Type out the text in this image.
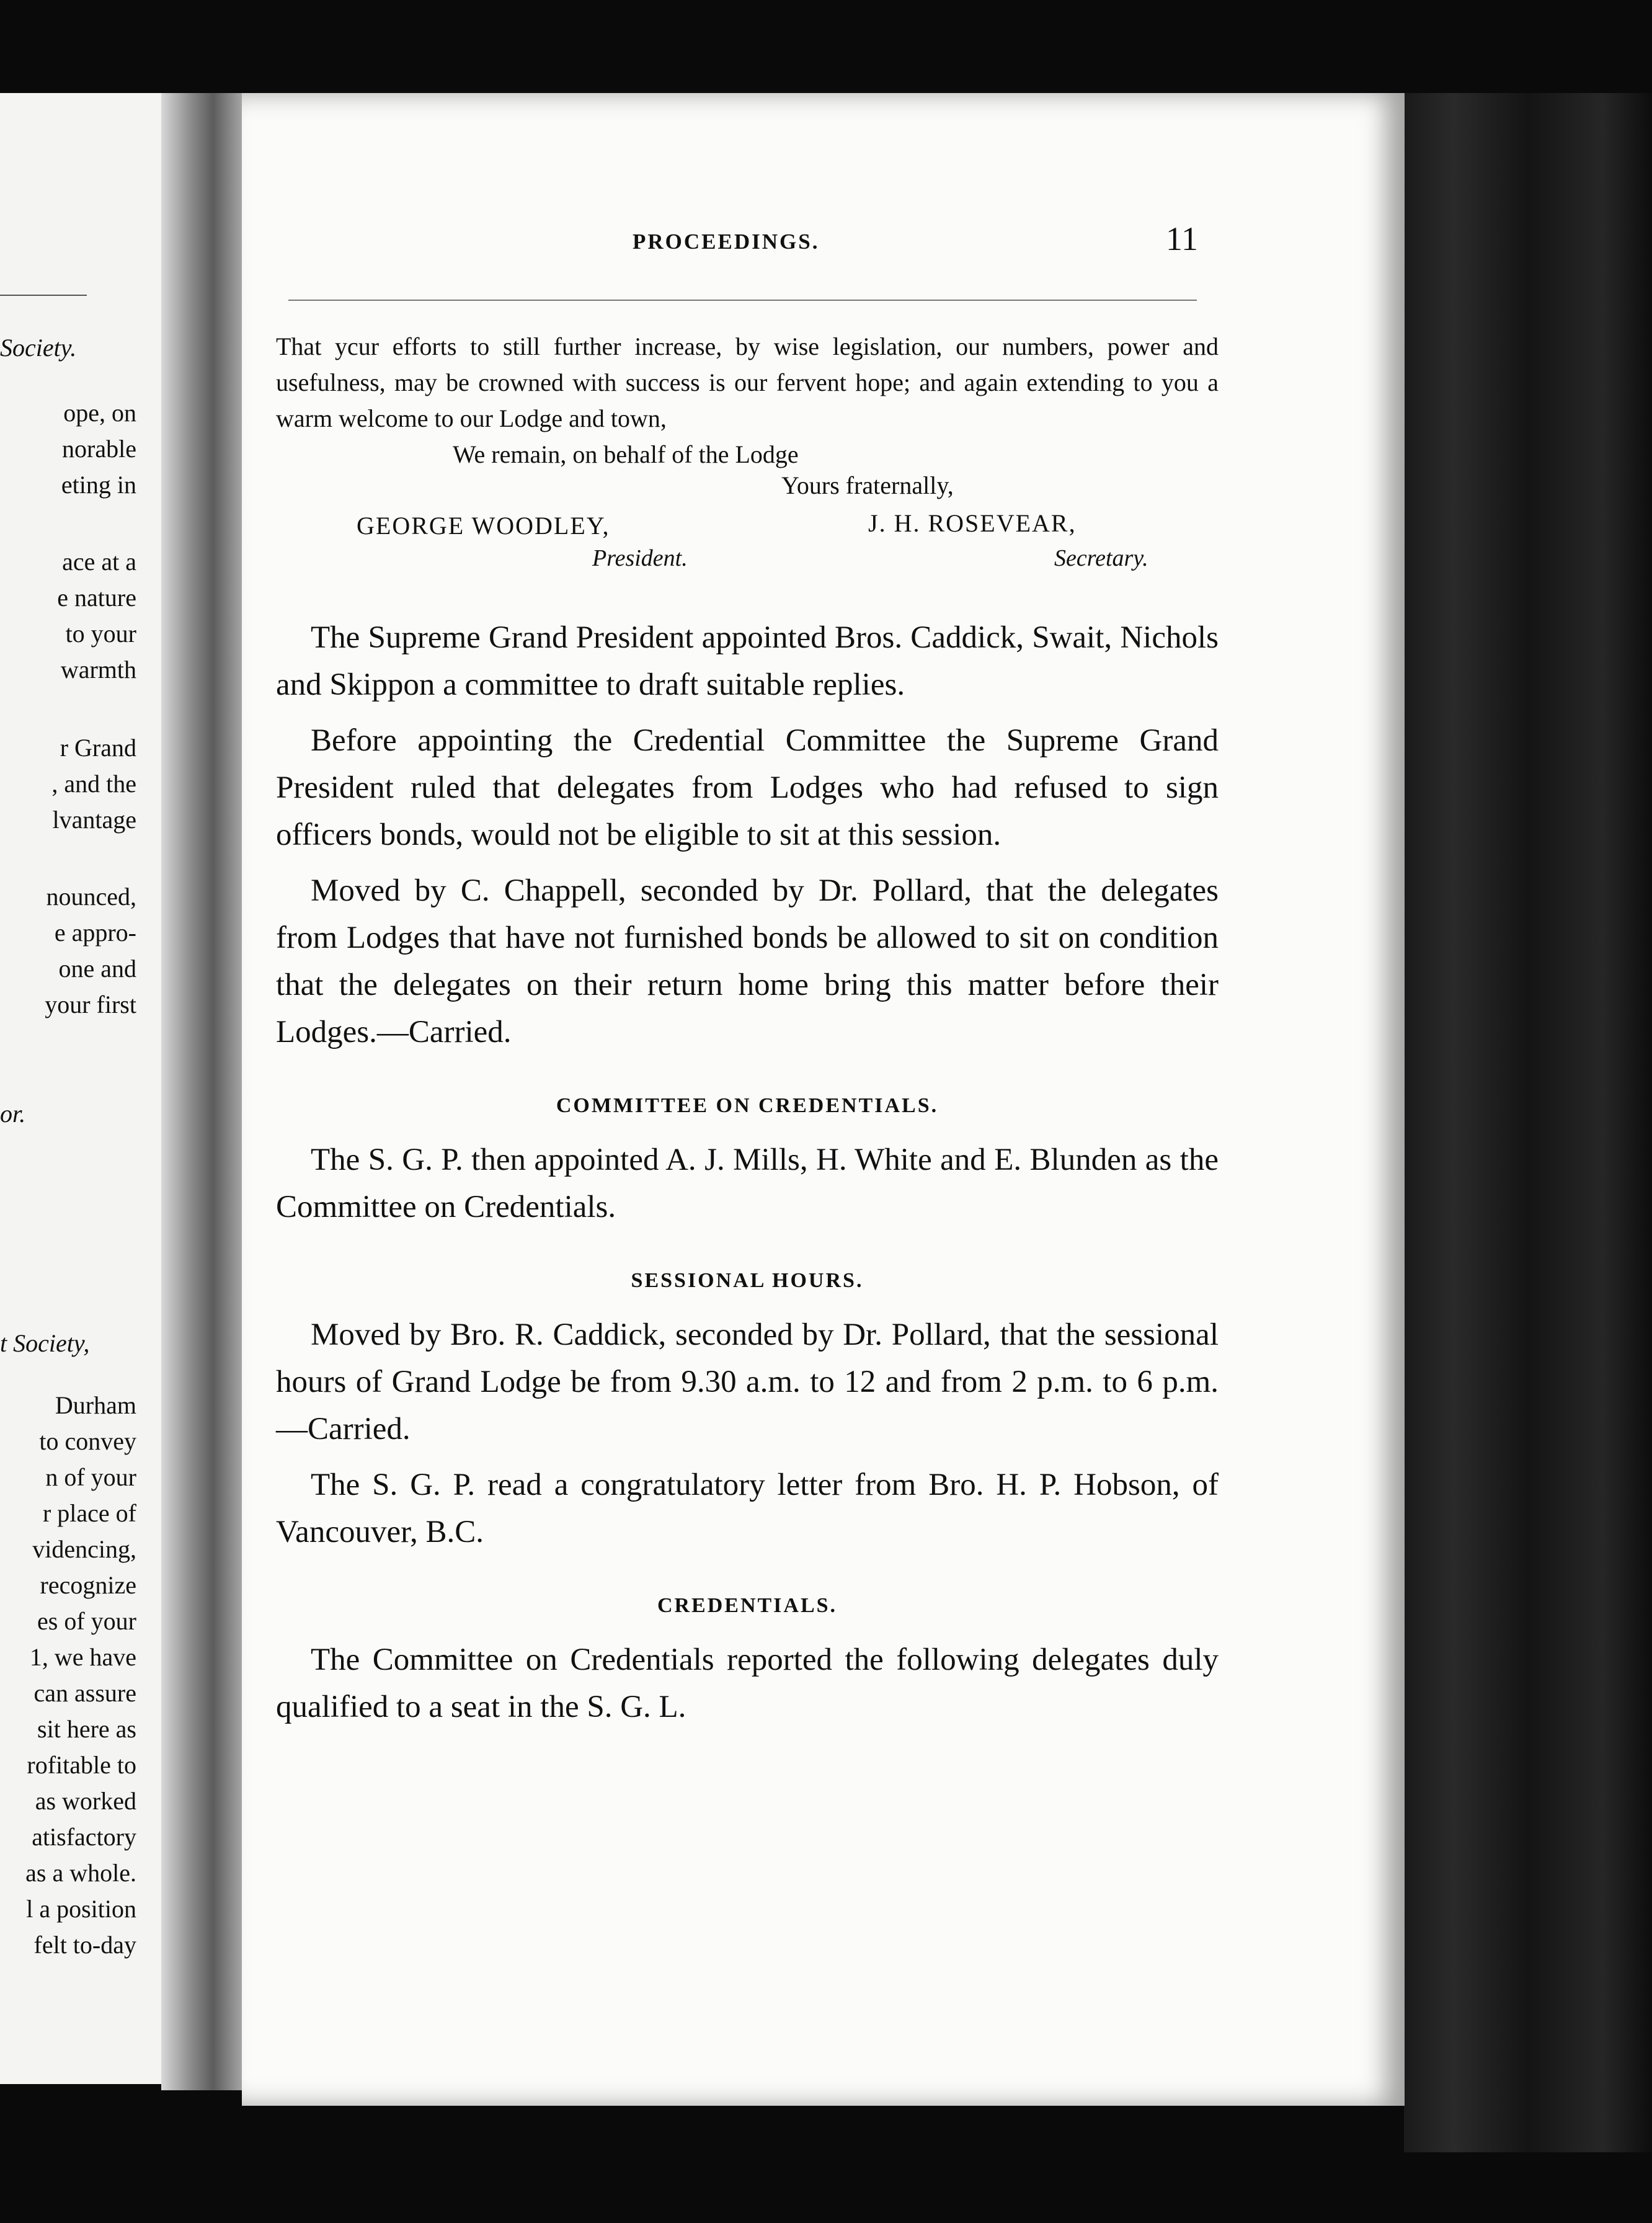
Society.
ope, on
norable
eting in
ace at a
e nature
to your
warmth
r Grand
, and the
lvantage
nounced,
e appro-
one and
your first
or.
t Society,
Durham
to convey
n of your
r place of
videncing,
recognize
es of your
1, we have
can assure
sit here as
rofitable to
as worked
atisfactory
as a whole.
l a position
felt to-day
PROCEEDINGS.	11

That ycur efforts to still further increase, by wise legislation, our numbers, power and usefulness, may be crowned with success is our fervent hope; and again extending to you a warm welcome to our Lodge and town,

We remain, on behalf of the Lodge
Yours fraternally,
GEORGE WOODLEY,
President.
J. H. ROSEVEAR,
Secretary.

The Supreme Grand President appointed Bros. Caddick, Swait, Nichols and Skippon a committee to draft suitable replies.

Before appointing the Credential Committee the Supreme Grand President ruled that delegates from Lodges who had refused to sign officers bonds, would not be eligible to sit at this session.

Moved by C. Chappell, seconded by Dr. Pollard, that the delegates from Lodges that have not furnished bonds be allowed to sit on condition that the delegates on their return home bring this matter before their Lodges.—Carried.

COMMITTEE ON CREDENTIALS.

The S. G. P. then appointed A. J. Mills, H. White and E. Blunden as the Committee on Credentials.

SESSIONAL HOURS.

Moved by Bro. R. Caddick, seconded by Dr. Pollard, that the sessional hours of Grand Lodge be from 9.30 a.m. to 12 and from 2 p.m. to 6 p.m.—Carried.

The S. G. P. read a congratulatory letter from Bro. H. P. Hobson, of Vancouver, B.C.

CREDENTIALS.

The Committee on Credentials reported the following delegates duly qualified to a seat in the S. G. L.
